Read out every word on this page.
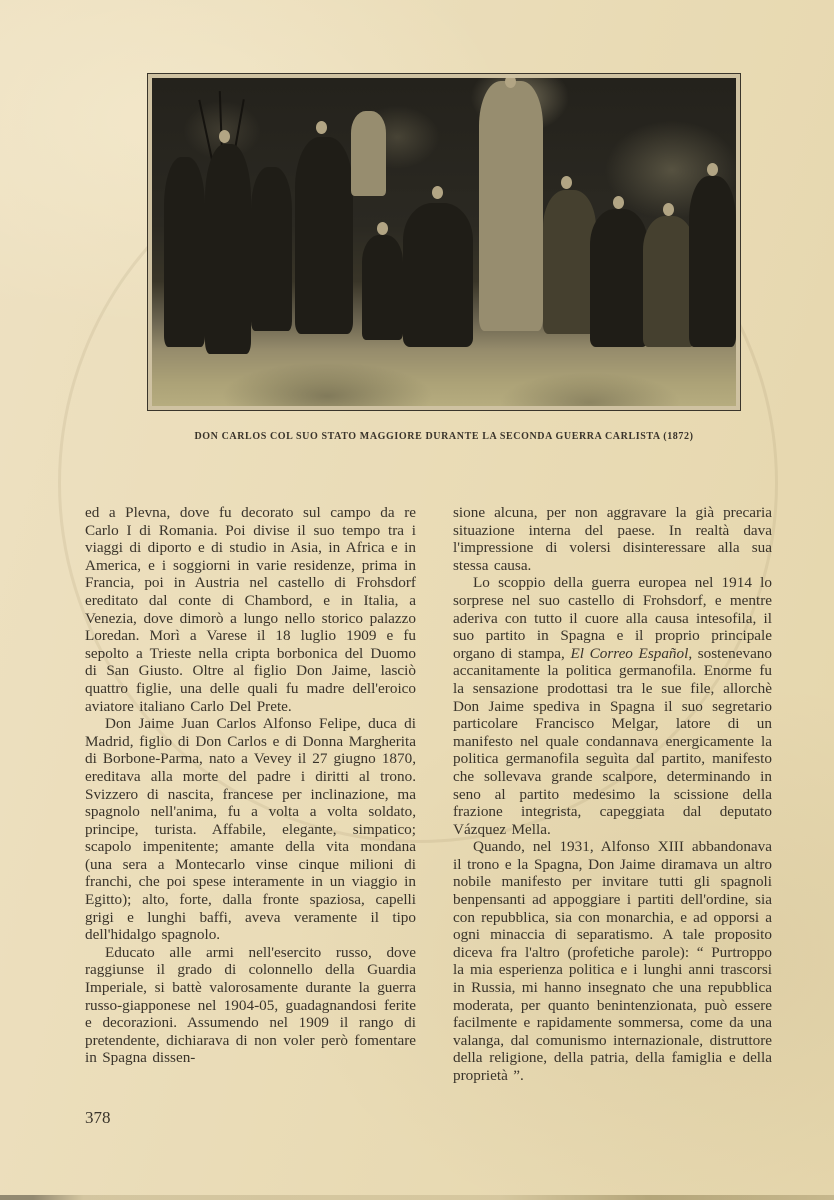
DON CARLOS COL SUO STATO MAGGIORE DURANTE LA SECONDA GUERRA CARLISTA (1872)

ed a Plevna, dove fu decorato sul campo da re Carlo I di Romania. Poi divise il suo tempo tra i viaggi di diporto e di studio in Asia, in Africa e in America, e i soggiorni in varie residenze, prima in Francia, poi in Austria nel castello di Frohsdorf ereditato dal conte di Chambord, e in Italia, a Venezia, dove dimorò a lungo nello storico palazzo Loredan. Morì a Varese il 18 luglio 1909 e fu sepolto a Trieste nella cripta borbonica del Duomo di San Giusto. Oltre al figlio Don Jaime, lasciò quattro figlie, una delle quali fu madre dell'eroico aviatore italiano Carlo Del Prete.

Don Jaime Juan Carlos Alfonso Felipe, duca di Madrid, figlio di Don Carlos e di Donna Margherita di Borbone-Parma, nato a Vevey il 27 giugno 1870, ereditava alla morte del padre i diritti al trono. Svizzero di nascita, francese per inclinazione, ma spagnolo nell'anima, fu a volta a volta soldato, principe, turista. Affabile, elegante, simpatico; scapolo impenitente; amante della vita mondana (una sera a Montecarlo vinse cinque milioni di franchi, che poi spese interamente in un viaggio in Egitto); alto, forte, dalla fronte spaziosa, capelli grigi e lunghi baffi, aveva veramente il tipo dell'hidalgo spagnolo.

Educato alle armi nell'esercito russo, dove raggiunse il grado di colonnello della Guardia Imperiale, si battè valorosamente durante la guerra russo-giapponese nel 1904-05, guadagnandosi ferite e decorazioni. Assumendo nel 1909 il rango di pretendente, dichiarava di non voler però fomentare in Spagna dissen-

sione alcuna, per non aggravare la già precaria situazione interna del paese. In realtà dava l'impressione di volersi disinteressare alla sua stessa causa.

Lo scoppio della guerra europea nel 1914 lo sorprese nel suo castello di Frohsdorf, e mentre aderiva con tutto il cuore alla causa intesofila, il suo partito in Spagna e il proprio principale organo di stampa, El Correo Español, sostenevano accanitamente la politica germanofila. Enorme fu la sensazione prodottasi tra le sue file, allorchè Don Jaime spediva in Spagna il suo segretario particolare Francisco Melgar, latore di un manifesto nel quale condannava energicamente la politica germanofila seguìta dal partito, manifesto che sollevava grande scalpore, determinando in seno al partito medesimo la scissione della frazione integrista, capeggiata dal deputato Vázquez Mella.

Quando, nel 1931, Alfonso XIII abbandonava il trono e la Spagna, Don Jaime diramava un altro nobile manifesto per invitare tutti gli spagnoli benpensanti ad appoggiare i partiti dell'ordine, sia con repubblica, sia con monarchia, e ad opporsi a ogni minaccia di separatismo. A tale proposito diceva fra l'altro (profetiche parole): “ Purtroppo la mia esperienza politica e i lunghi anni trascorsi in Russia, mi hanno insegnato che una repubblica moderata, per quanto benintenzionata, può essere facilmente e rapidamente sommersa, come da una valanga, dal comunismo internazionale, distruttore della religione, della patria, della famiglia e della proprietà ”.

378
